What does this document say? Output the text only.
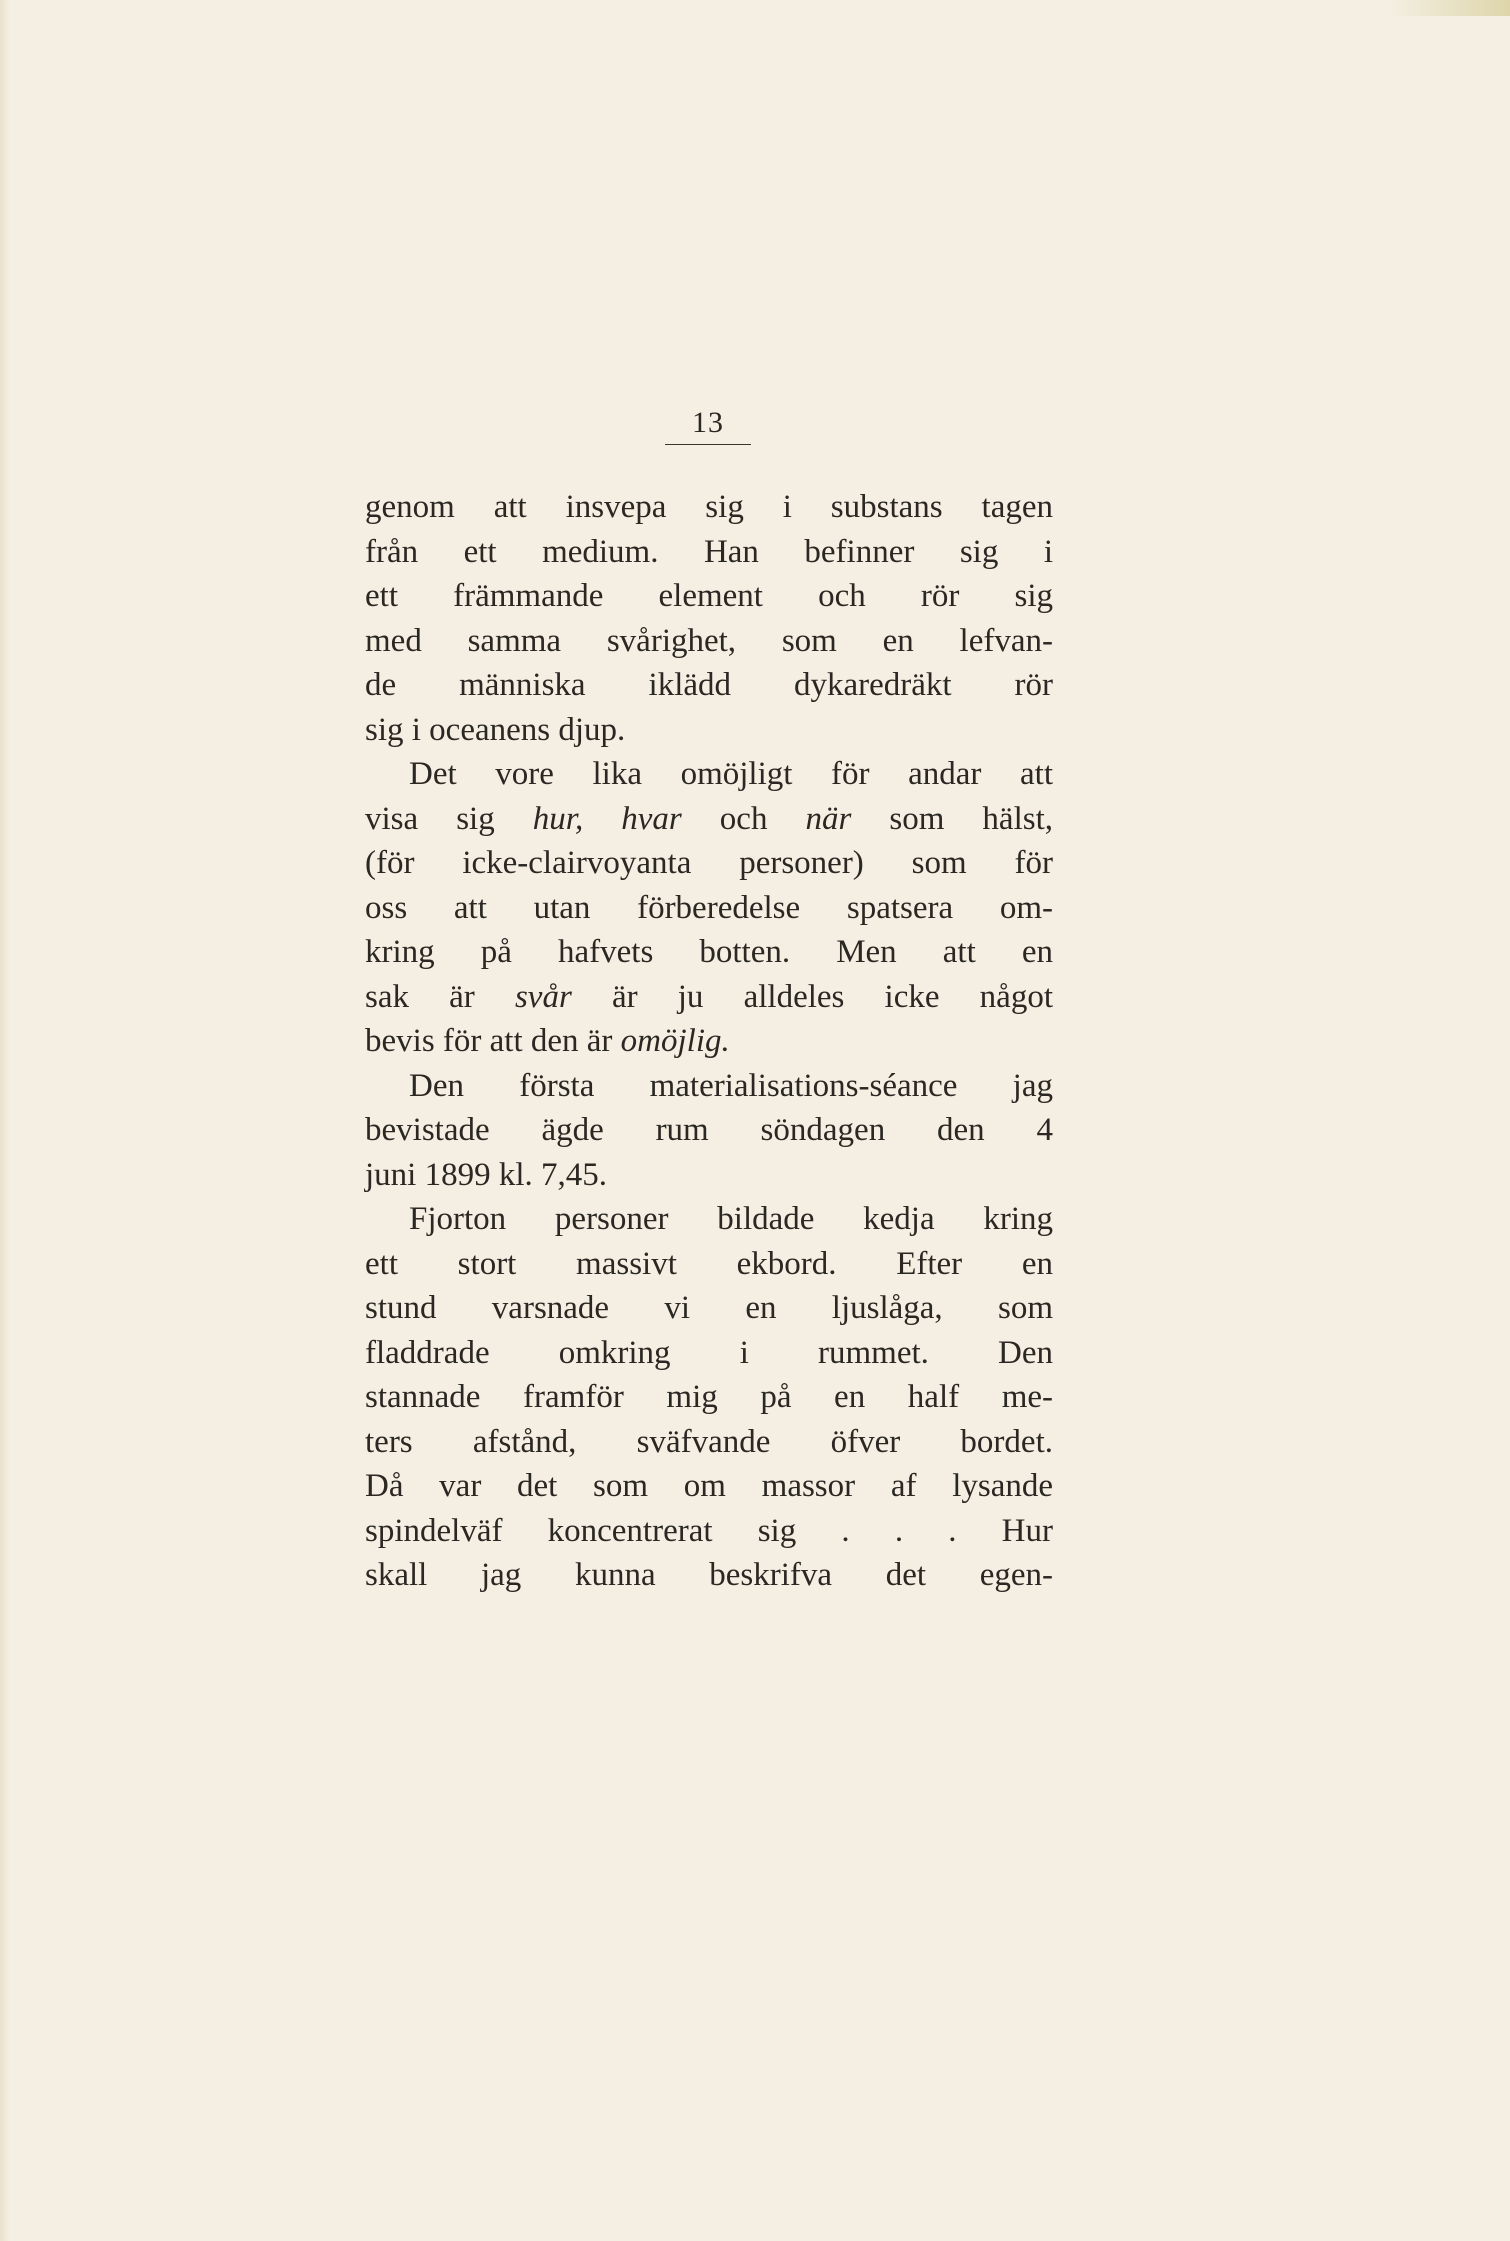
13
genom att insvepa sig i substans tagen
från ett medium. Han befinner sig i
ett främmande element och rör sig
med samma svårighet, som en lefvan-
de människa iklädd dykaredräkt rör
sig i oceanens djup.
Det vore lika omöjligt för andar att
visa sig hur, hvar och när som hälst,
(för icke-clairvoyanta personer) som för
oss att utan förberedelse spatsera om-
kring på hafvets botten. Men att en
sak är svår är ju alldeles icke något
bevis för att den är omöjlig.
Den första materialisations-séance jag
bevistade ägde rum söndagen den 4
juni 1899 kl. 7,45.
Fjorton personer bildade kedja kring
ett stort massivt ekbord. Efter en
stund varsnade vi en ljuslåga, som
fladdrade omkring i rummet. Den
stannade framför mig på en half me-
ters afstånd, sväfvande öfver bordet.
Då var det som om massor af lysande
spindelväf koncentrerat sig . . . Hur
skall jag kunna beskrifva det egen-
